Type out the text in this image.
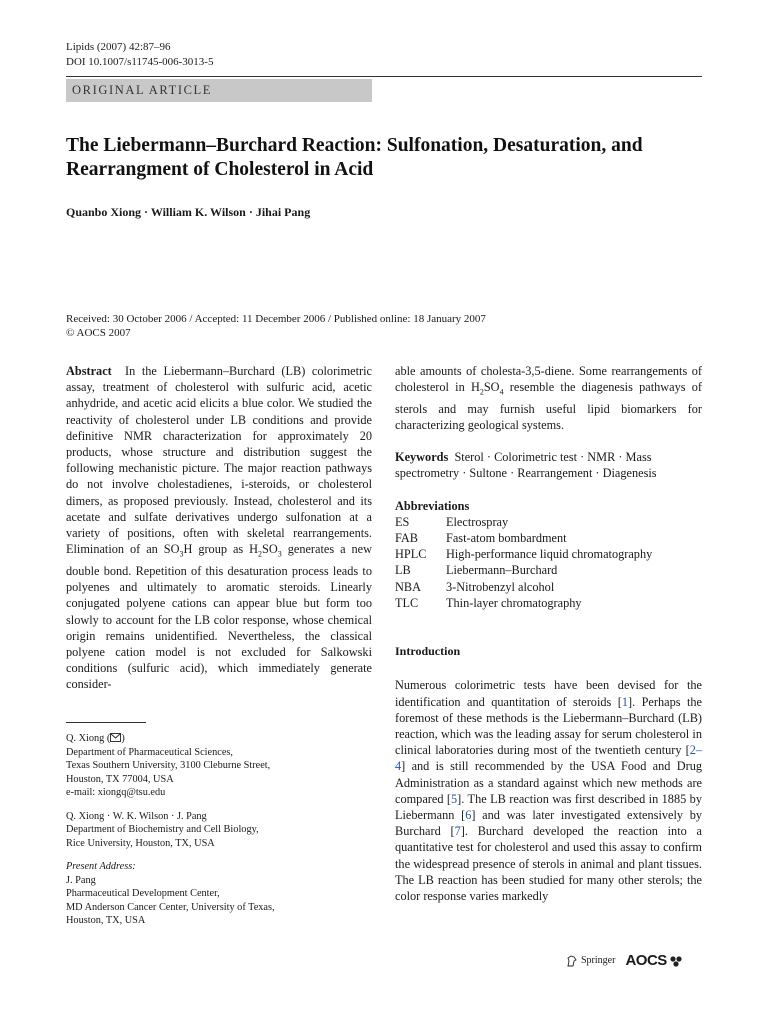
Lipids (2007) 42:87–96
DOI 10.1007/s11745-006-3013-5
ORIGINAL ARTICLE
The Liebermann–Burchard Reaction: Sulfonation, Desaturation, and Rearrangment of Cholesterol in Acid
Quanbo Xiong · William K. Wilson · Jihai Pang
Received: 30 October 2006 / Accepted: 11 December 2006 / Published online: 18 January 2007
© AOCS 2007

Abstract In the Liebermann–Burchard (LB) colorimetric assay, treatment of cholesterol with sulfuric acid, acetic anhydride, and acetic acid elicits a blue color. We studied the reactivity of cholesterol under LB conditions and provide definitive NMR characterization for approximately 20 products, whose structure and distribution suggest the following mechanistic picture. The major reaction pathways do not involve cholestadienes, i-steroids, or cholesterol dimers, as proposed previously. Instead, cholesterol and its acetate and sulfate derivatives undergo sulfonation at a variety of positions, often with skeletal rearrangements. Elimination of an $SO_3H$ group as $H_2SO_3$ generates a new double bond. Repetition of this desaturation process leads to polyenes and ultimately to aromatic steroids. Linearly conjugated polyene cations can appear blue but form too slowly to account for the LB color response, whose chemical origin remains unidentified. Nevertheless, the classical polyene cation model is not excluded for Salkowski conditions (sulfuric acid), which immediately generate consider-

able amounts of cholesta-3,5-diene. Some rearrangements of cholesterol in $H_2SO_4$ resemble the diagenesis pathways of sterols and may furnish useful lipid biomarkers for characterizing geological systems.

Keywords Sterol · Colorimetric test · NMR · Mass spectrometry · Sultone · Rearrangement · Diagenesis

Abbreviations
ES	Electrospray
FAB	Fast-atom bombardment
HPLC	High-performance liquid chromatography
LB	Liebermann–Burchard
NBA	3-Nitrobenzyl alcohol
TLC	Thin-layer chromatography
Introduction

Numerous colorimetric tests have been devised for the identification and quantitation of steroids [1]. Perhaps the foremost of these methods is the Liebermann–Burchard (LB) reaction, which was the leading assay for serum cholesterol in clinical laboratories during most of the twentieth century [2–4] and is still recommended by the USA Food and Drug Administration as a standard against which new methods are compared [5]. The LB reaction was first described in 1885 by Liebermann [6] and was later investigated extensively by Burchard [7]. Burchard developed the reaction into a quantitative test for cholesterol and used this assay to confirm the widespread presence of sterols in animal and plant tissues. The LB reaction has been studied for many other sterols; the color response varies markedly

Q. Xiong ( )

Department of Pharmaceutical Sciences,

Texas Southern University, 3100 Cleburne Street,

Houston, TX 77004, USA

e-mail: xiongq@tsu.edu

Q. Xiong · W. K. Wilson · J. Pang

Department of Biochemistry and Cell Biology,

Rice University, Houston, TX, USA

Present Address:

J. Pang

Pharmaceutical Development Center,

MD Anderson Cancer Center, University of Texas,

Houston, TX, USA

Springer AOCS
